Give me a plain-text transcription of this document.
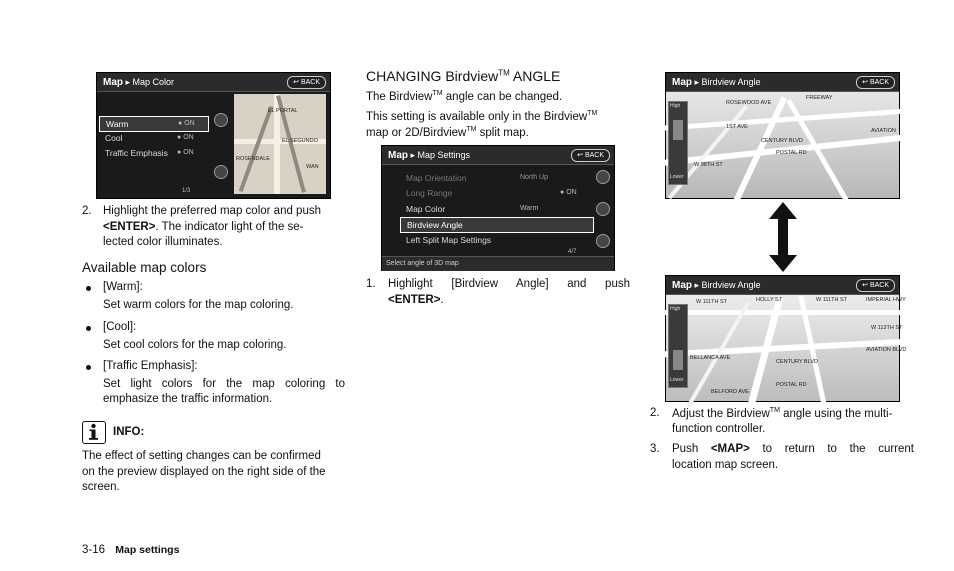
Map ▸ Map Color	↩ BACK
Warm	● ON
Cool	● ON
Traffic Emphasis ● ON
1/3
EL PORTAL
EL SEGUNDO
WAN
ROSENDALE
2. Highlight the preferred map color and push <ENTER>. The indicator light of the se-
lected color illuminates.
Available map colors
[Warm]:
Set warm colors for the map coloring.
[Cool]:
Set cool colors for the map coloring.
[Traffic Emphasis]:
Set light colors for the map coloring to
emphasize the traffic information.
INFO:
The effect of setting changes can be confirmed
on the preview displayed on the right side of the
screen.
CHANGING Birdview™ ANGLE
The Birdview™ angle can be changed.
This setting is available only in the Birdview™
map or 2D/Birdview™ split map.
Map ▸ Map Settings	↩ BACK
Map Orientation	North Up
Long Range	● ON
Map Color	Warm
Birdview Angle
Left Split Map Settings
4/7
Select angle of 3D map
1. Highlight [Birdview Angle] and push
<ENTER>.
Map ▸ Birdview Angle	↩ BACK
ROSEWOOD AVE
FREEWAY
AVIATION
CENTURY BLVD
W 98TH ST
POSTAL RD
1ST AVE
High
Lower
Map ▸ Birdview Angle	↩ BACK
W 111TH ST	HOLLY ST	IMPERIAL HWY
W 113TH ST
BELLANCA AVE
AVIATION BLVD
CENTURY BLVD
POSTAL RD
BELFORD AVE
W 111TH ST
High
Lower
2. Adjust the Birdview™ angle using the multi-
function controller.
3. Push <MAP> to return to the current
location map screen.
3-16 Map settings
